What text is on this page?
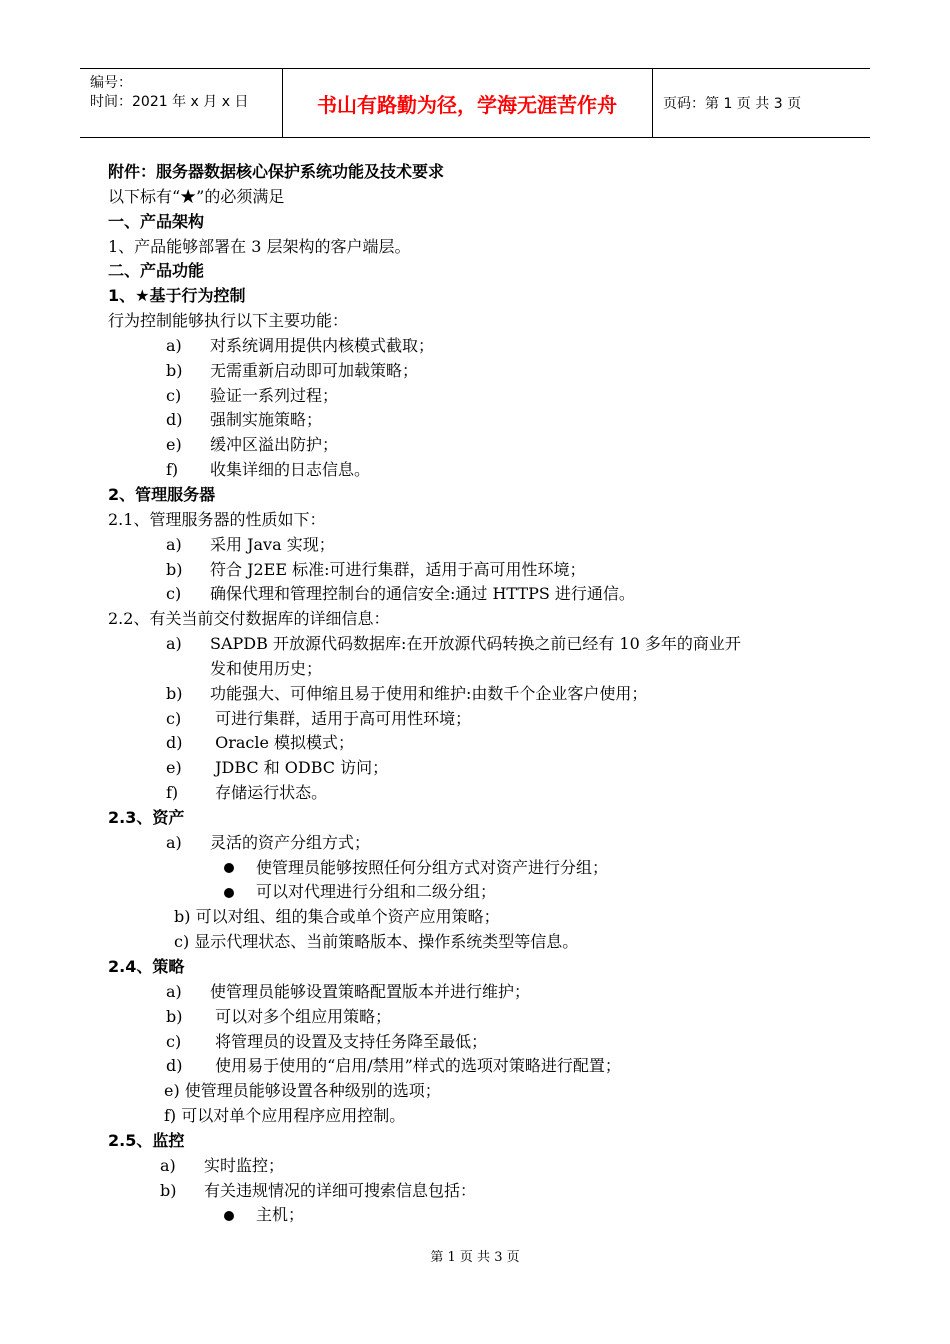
编号：
时间：2021 年 x 月 x 日	书山有路勤为径，学海无涯苦作舟	页码：第 1 页 共 3 页
附件：服务器数据核心保护系统功能及技术要求
以下标有“★”的必须满足
一、产品架构
1、产品能够部署在 3 层架构的客户端层。
二、产品功能
1、★基于行为控制
行为控制能够执行以下主要功能：
a) 对系统调用提供内核模式截取；
b) 无需重新启动即可加载策略；
c) 验证一系列过程；
d) 强制实施策略；
e) 缓冲区溢出防护；
f) 收集详细的日志信息。
2、管理服务器
2.1、管理服务器的性质如下：
a) 采用 Java 实现；
b) 符合 J2EE 标准:可进行集群，适用于高可用性环境；
c) 确保代理和管理控制台的通信安全:通过 HTTPS 进行通信。
2.2、有关当前交付数据库的详细信息：
a) SAPDB 开放源代码数据库:在开放源代码转换之前已经有 10 多年的商业开
发和使用历史；
b) 功能强大、可伸缩且易于使用和维护:由数千个企业客户使用；
c) 可进行集群，适用于高可用性环境；
d) Oracle 模拟模式；
e) JDBC 和 ODBC 访问；
f) 存储运行状态。
2.3、资产
a) 灵活的资产分组方式；
使管理员能够按照任何分组方式对资产进行分组；
可以对代理进行分组和二级分组；
b) 可以对组、组的集合或单个资产应用策略；
c) 显示代理状态、当前策略版本、操作系统类型等信息。
2.4、策略
a) 使管理员能够设置策略配置版本并进行维护；
b) 可以对多个组应用策略；
c) 将管理员的设置及支持任务降至最低；
d) 使用易于使用的“启用/禁用”样式的选项对策略进行配置；
e) 使管理员能够设置各种级别的选项；
f) 可以对单个应用程序应用控制。
2.5、监控
a) 实时监控；
b) 有关违规情况的详细可搜索信息包括：
主机；
第 1 页 共 3 页
